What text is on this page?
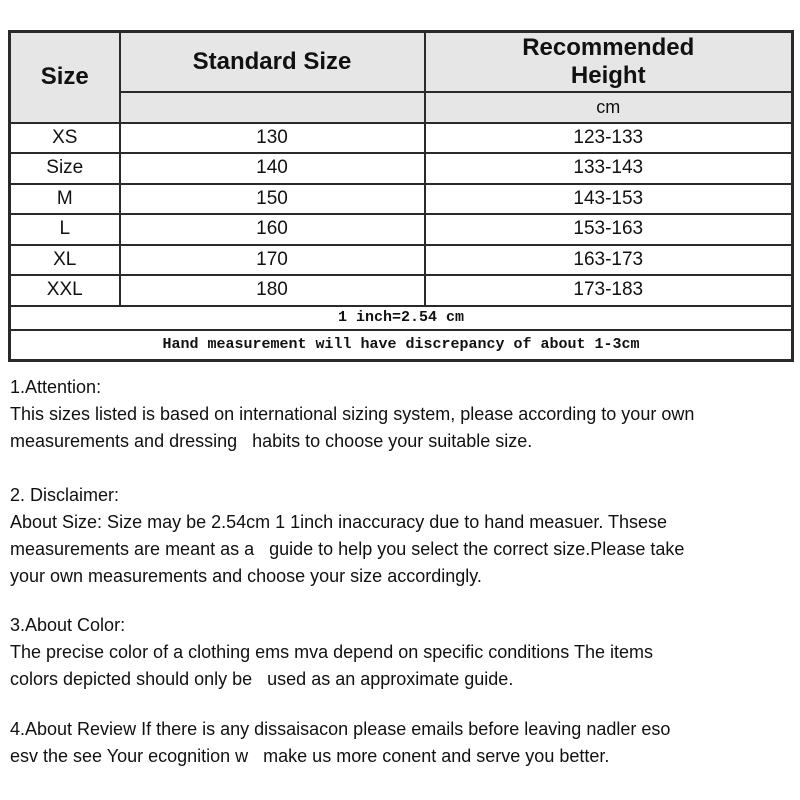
Size	Standard Size	Recommended
Height

		cm
XS	130	123-133
Size	140	133-143
M	150	143-153
L	160	153-163
XL	170	163-173
XXL	180	173-183
1 inch=2.54 cm		
Hand measurement will have discrepancy of about 1-3cm		
1.Attention:
This sizes listed is based on international sizing system, please according to your own
measurements and dressing   habits to choose your suitable size.
2. Disclaimer:
About Size: Size may be 2.54cm 1 1inch inaccuracy due to hand measuer. Thsese
measurements are meant as a   guide to help you select the correct size.Please take
your own measurements and choose your size accordingly.
3.About Color:
The precise color of a clothing ems mva depend on specific conditions The items
colors depicted should only be   used as an approximate guide.
4.About Review If there is any dissaisacon please emails before leaving nadler eso
esv the see Your ecognition w   make us more conent and serve you better.
